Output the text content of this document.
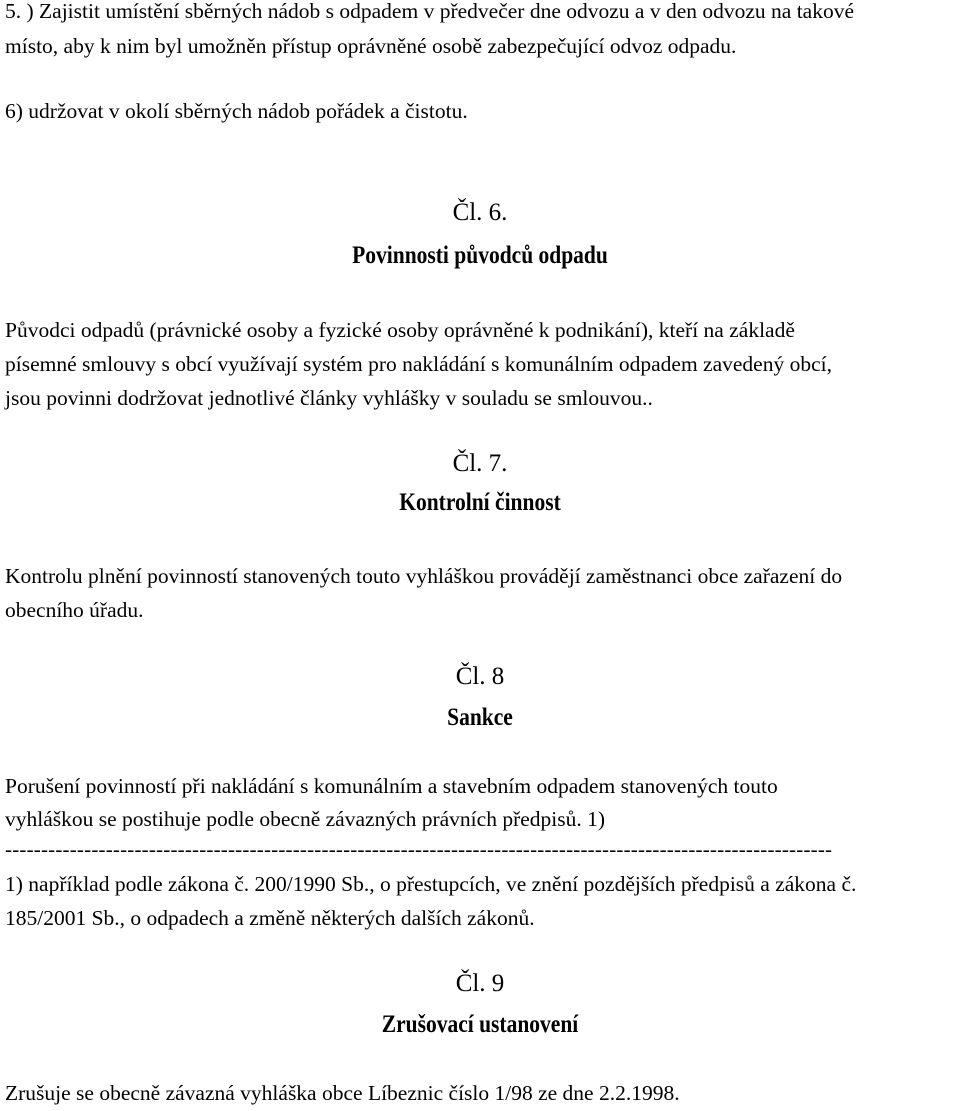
5. ) Zajistit umístění sběrných nádob s odpadem v předvečer dne odvozu a v den odvozu na takové
místo, aby k nim byl umožněn přístup oprávněné osobě zabezpečující odvoz odpadu.
6) udržovat v okolí sběrných nádob pořádek a čistotu.
Čl. 6.
Povinnosti původců odpadu
Původci odpadů (právnické osoby a fyzické osoby oprávněné k podnikání), kteří na základě
písemné smlouvy s obcí využívají systém pro nakládání s komunálním odpadem zavedený obcí,
jsou povinni dodržovat jednotlivé články vyhlášky v souladu se smlouvou..
Čl. 7.
Kontrolní činnost
Kontrolu plnění povinností stanovených touto vyhláškou provádějí zaměstnanci obce zařazení do
obecního úřadu.
Čl. 8
Sankce
Porušení povinností při nakládání s komunálním a stavebním odpadem stanovených touto
vyhláškou se postihuje podle obecně závazných právních předpisů. 1)
-------------------------------------------------------------------------------------------------------------------
1) například podle zákona č. 200/1990 Sb., o přestupcích, ve znění pozdějších předpisů a zákona č.
185/2001 Sb., o odpadech a změně některých dalších zákonů.
Čl. 9
Zrušovací ustanovení
Zrušuje se obecně závazná vyhláška obce Líbeznic číslo 1/98 ze dne 2.2.1998.
